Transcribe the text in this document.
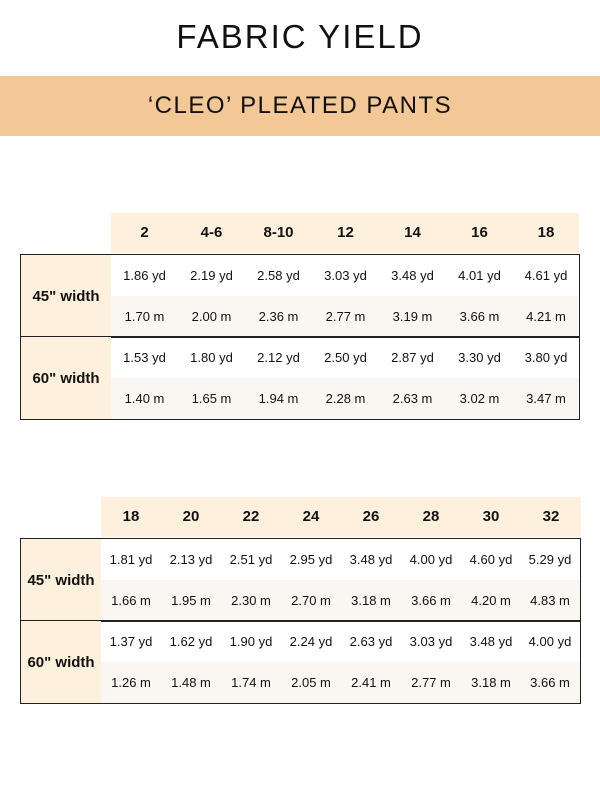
FABRIC YIELD
‘CLEO’ PLEATED PANTS
2	4-6	8-10	12	14	16	18
45" width
1.86 yd	2.19 yd	2.58 yd	3.03 yd	3.48 yd	4.01 yd	4.61 yd
1.70 m	2.00 m	2.36 m	2.77 m	3.19 m	3.66 m	4.21 m
60" width
1.53 yd	1.80 yd	2.12 yd	2.50 yd	2.87 yd	3.30 yd	3.80 yd
1.40 m	1.65 m	1.94 m	2.28 m	2.63 m	3.02 m	3.47 m
18	20	22	24	26	28	30	32
45" width
1.81 yd	2.13 yd	2.51 yd	2.95 yd	3.48 yd	4.00 yd	4.60 yd	5.29 yd
1.66 m	1.95 m	2.30 m	2.70 m	3.18 m	3.66 m	4.20 m	4.83 m
60" width
1.37 yd	1.62 yd	1.90 yd	2.24 yd	2.63 yd	3.03 yd	3.48 yd	4.00 yd
1.26 m	1.48 m	1.74 m	2.05 m	2.41 m	2.77 m	3.18 m	3.66 m
